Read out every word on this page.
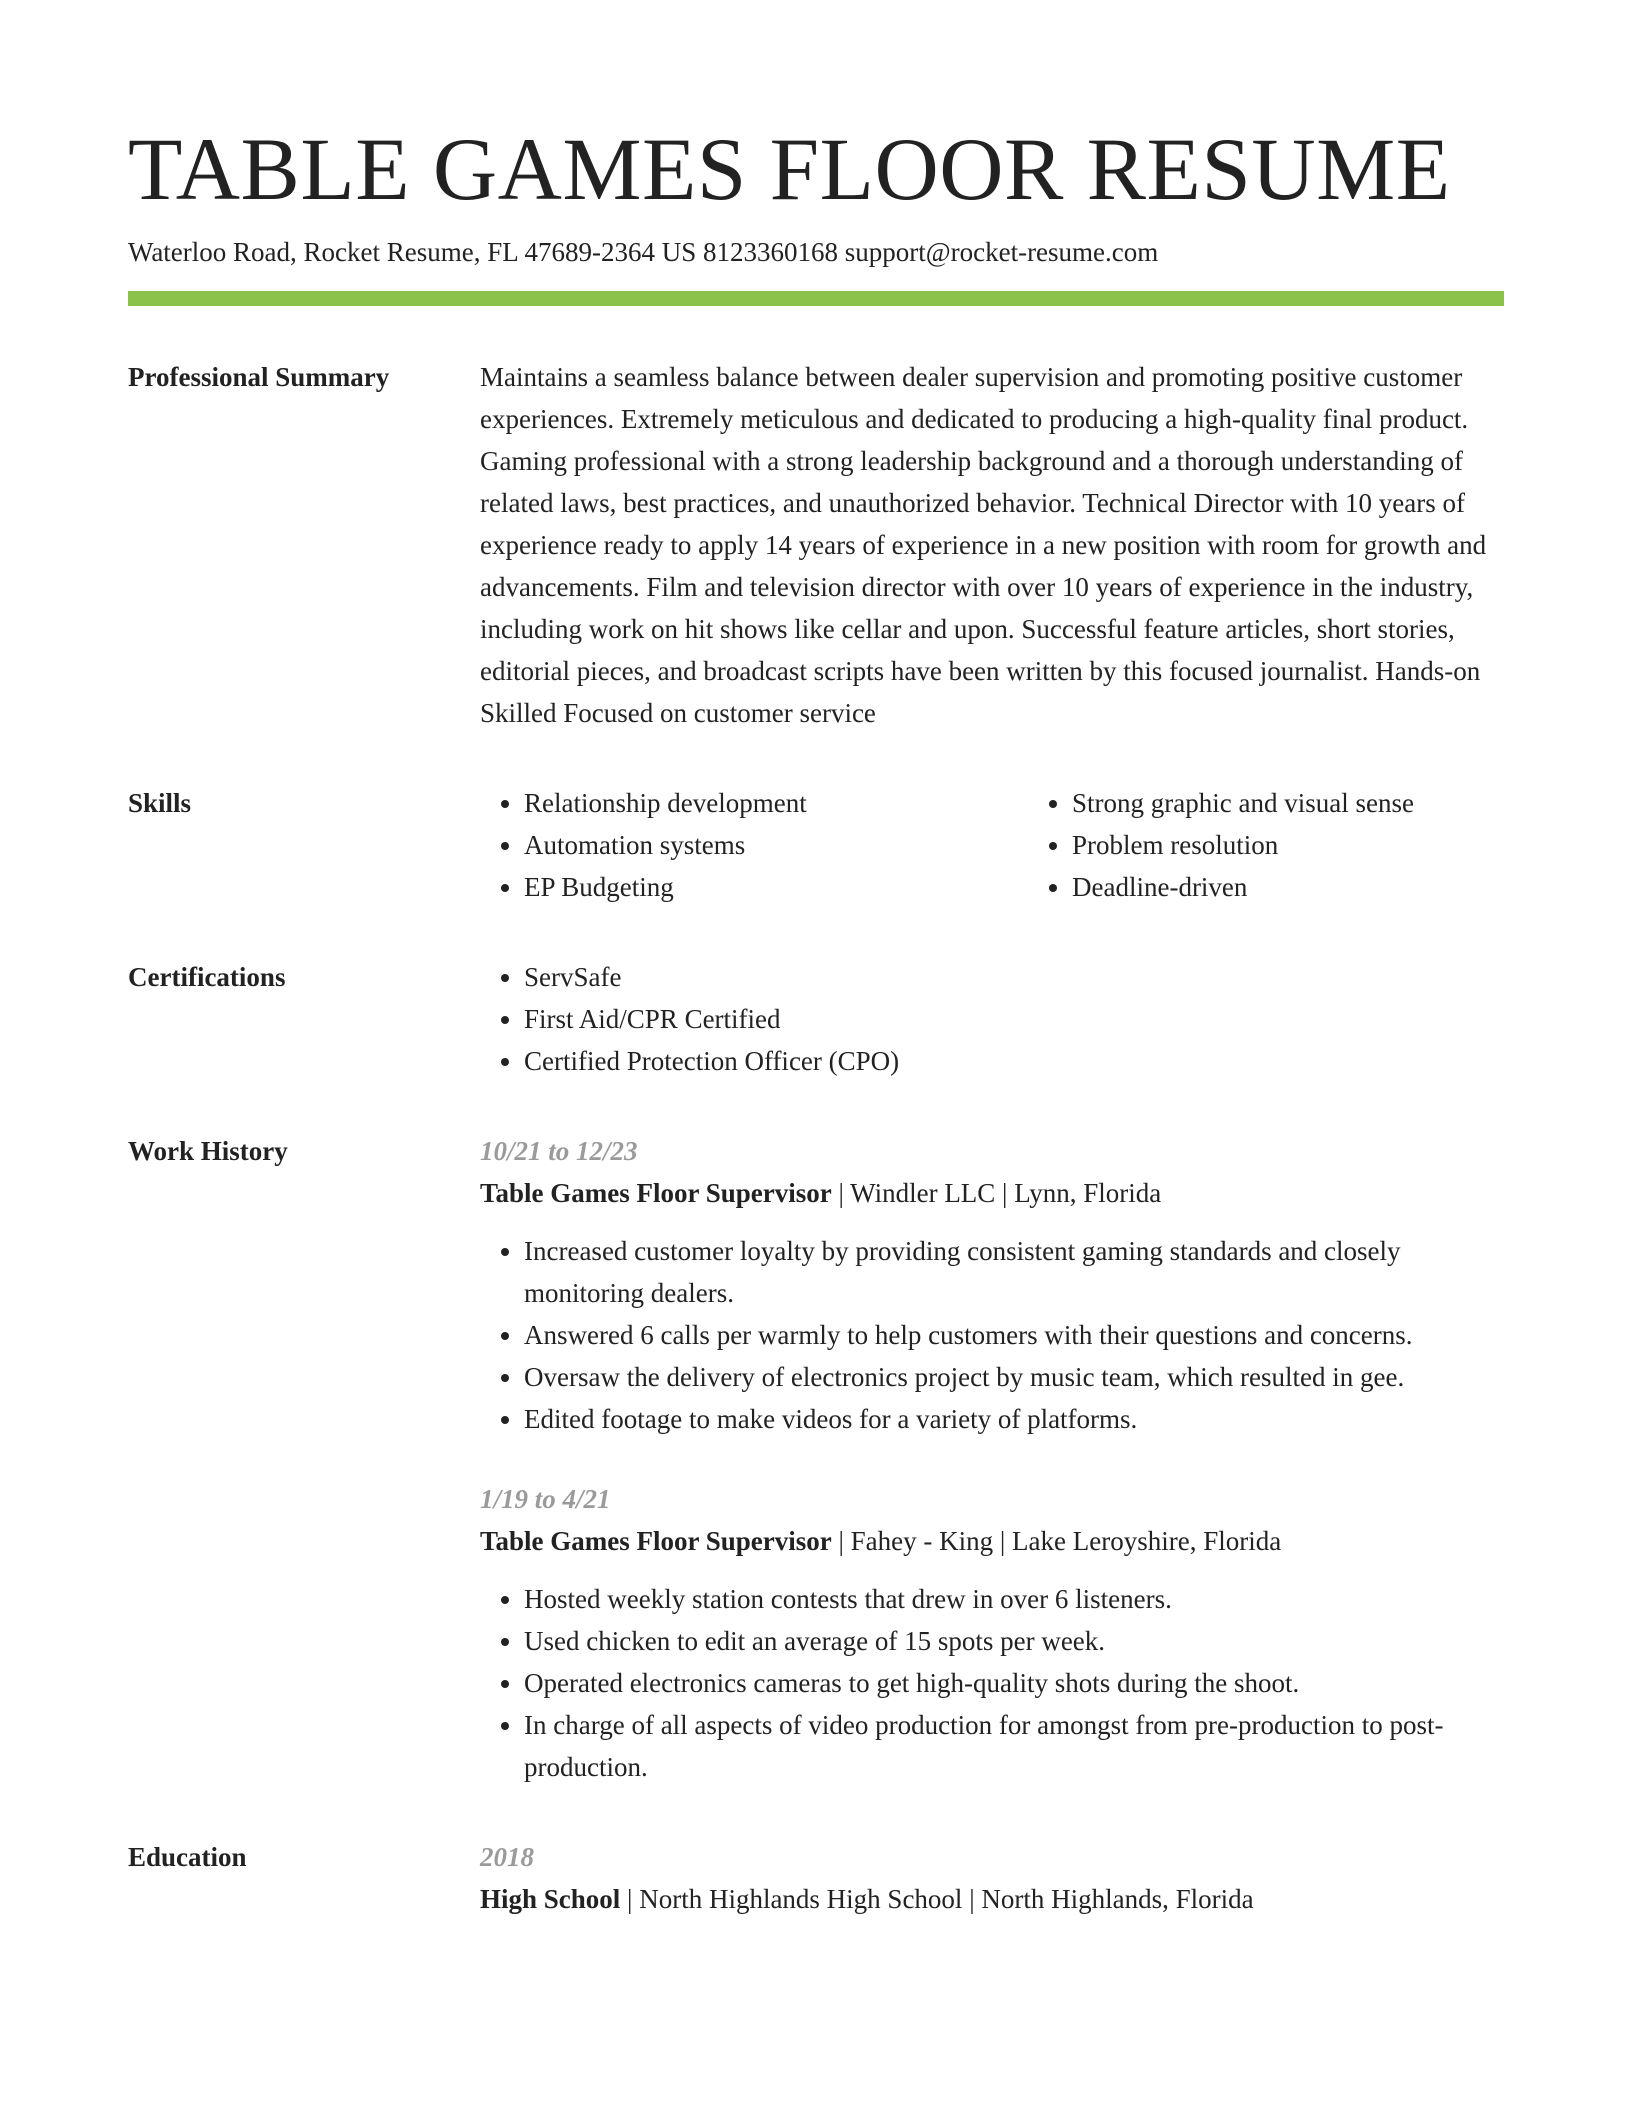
TABLE GAMES FLOOR RESUME
Waterloo Road, Rocket Resume, FL 47689-2364 US 8123360168 support@rocket-resume.com
Professional Summary	Maintains a seamless balance between dealer supervision and promoting positive customer experiences. Extremely meticulous and dedicated to producing a high-quality final product. Gaming professional with a strong leadership background and a thorough understanding of related laws, best practices, and unauthorized behavior. Technical Director with 10 years of experience ready to apply 14 years of experience in a new position with room for growth and advancements. Film and television director with over 10 years of experience in the industry, including work on hit shows like cellar and upon. Successful feature articles, short stories, editorial pieces, and broadcast scripts have been written by this focused journalist. Hands-on Skilled Focused on customer service

Skills	• Relationship development
• Automation systems
• EP Budgeting
• Strong graphic and visual sense
• Problem resolution
• Deadline-driven
Certifications	• ServSafe
• First Aid/CPR Certified
• Certified Protection Officer (CPO)
Work History	10/21 to 12/23
Table Games Floor Supervisor | Windler LLC | Lynn, Florida
• Increased customer loyalty by providing consistent gaming standards and closely monitoring dealers.
• Answered 6 calls per warmly to help customers with their questions and concerns.
• Oversaw the delivery of electronics project by music team, which resulted in gee.
• Edited footage to make videos for a variety of platforms.
1/19 to 4/21
Table Games Floor Supervisor | Fahey - King | Lake Leroyshire, Florida
• Hosted weekly station contests that drew in over 6 listeners.
• Used chicken to edit an average of 15 spots per week.
• Operated electronics cameras to get high-quality shots during the shoot.
• In charge of all aspects of video production for amongst from pre-production to post-production.
Education	2018
High School | North Highlands High School | North Highlands, Florida
